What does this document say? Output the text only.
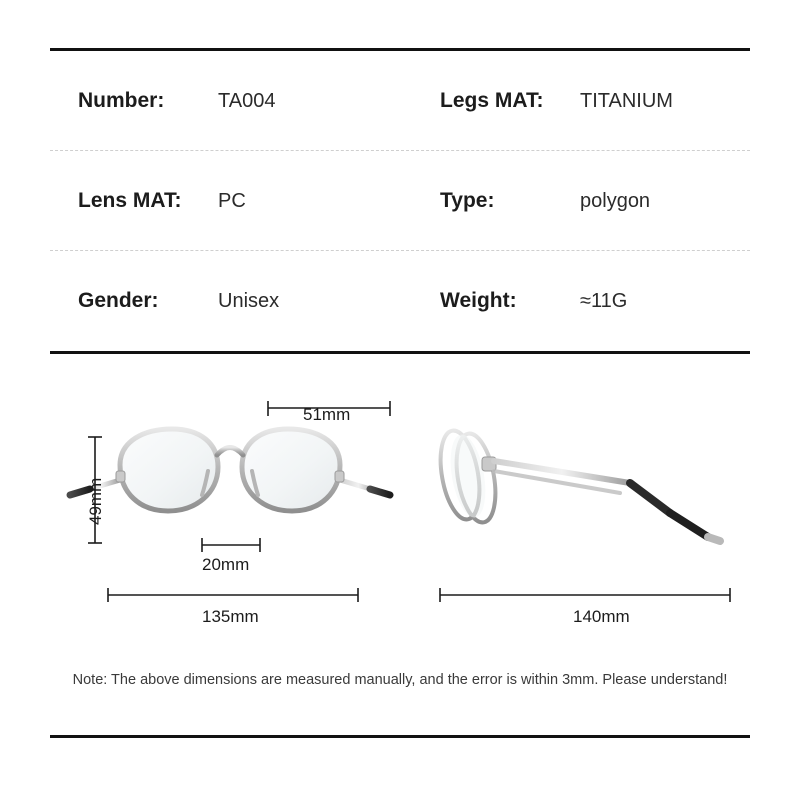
Number:	TA004	Legs MAT:	TITANIUM
Lens MAT:	PC	Type:	polygon
Gender:	Unisex	Weight:	≈11G
51mm
49mm
20mm
135mm	140mm
Note: The above dimensions are measured manually, and the error is within 3mm. Please understand!
